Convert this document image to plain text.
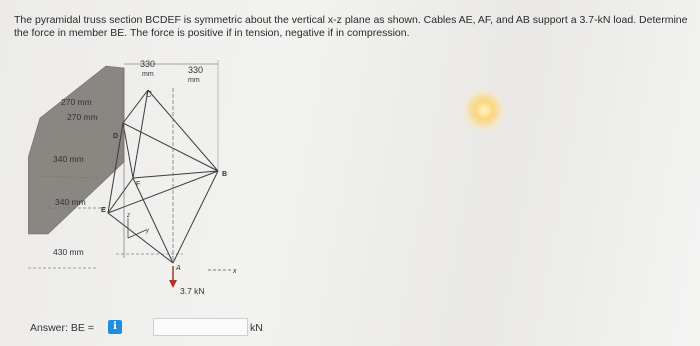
The pyramidal truss section BCDEF is symmetric about the vertical x-z plane as shown. Cables AE, AF, and AB support a 3.7-kN load. Determine the force in member BE. The force is positive if in tension, negative if in compression.
330
mm	330
mm
C
270 mm
270 mm
D
340 mm
F
B
340 mm
E
z
y
430 mm
A	x
3.7 kN
Answer: BE =	i	kN
